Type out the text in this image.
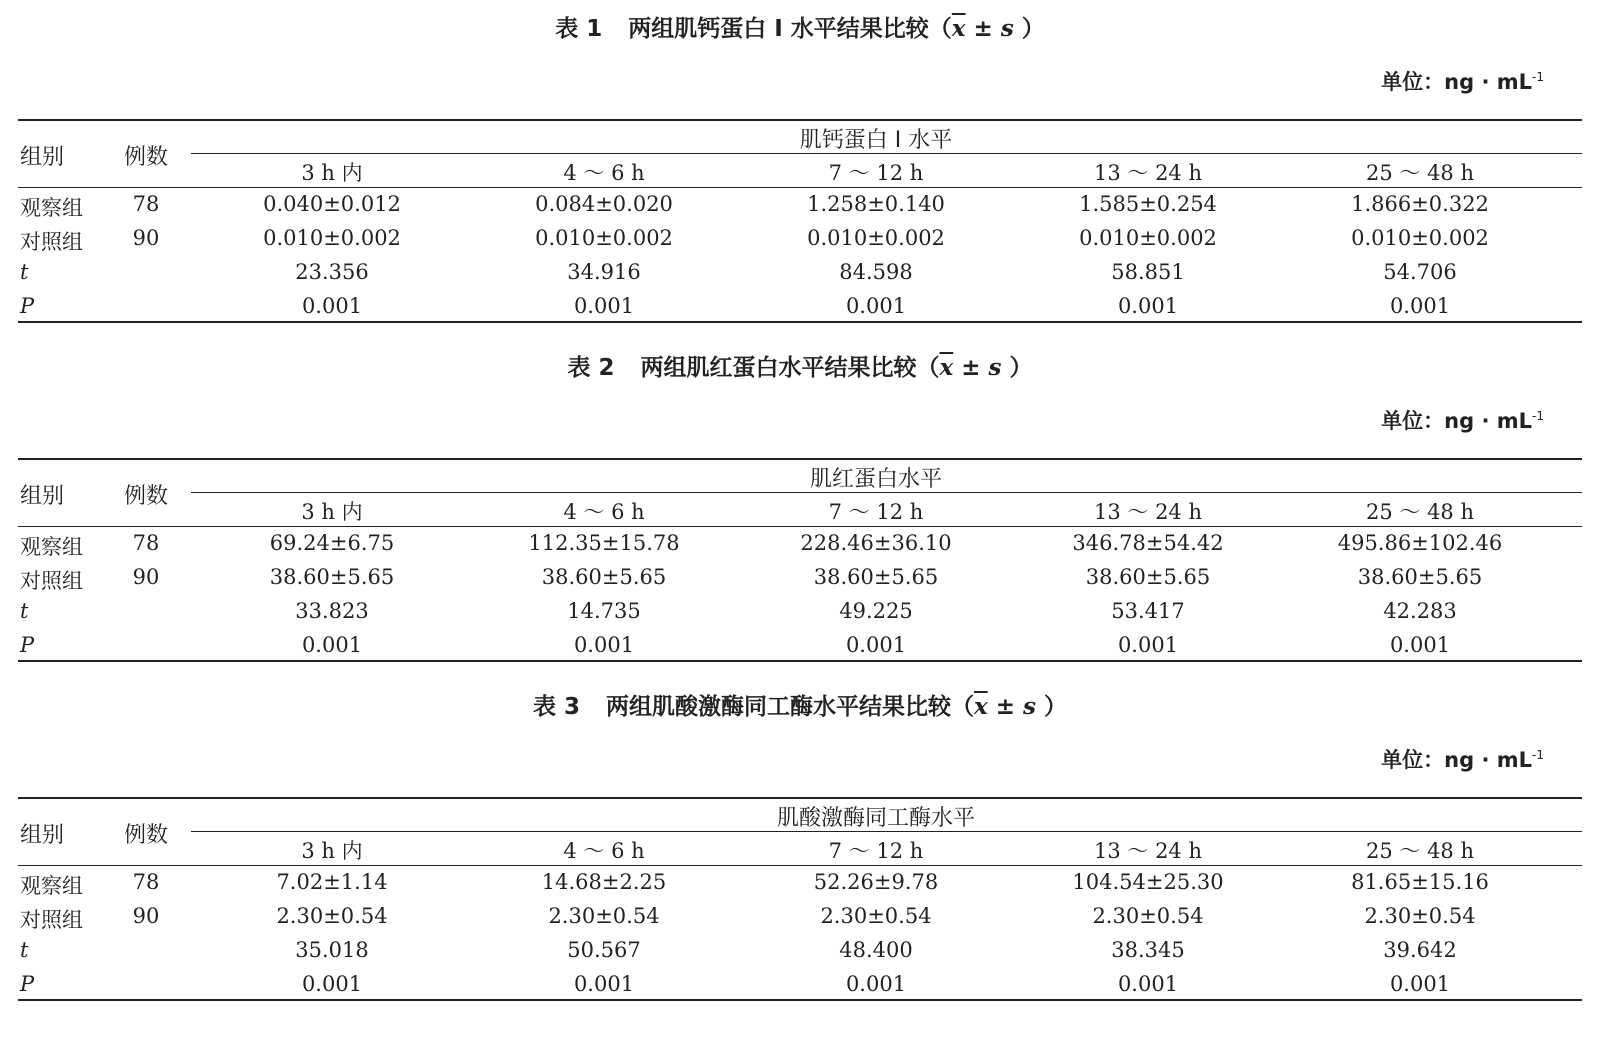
表 1 两组肌钙蛋白 I 水平结果比较（$\overline{x} \pm s$ ）
单位：ng · $mL^{-1}$
组别	例数
肌钙蛋白 I 水平
3 h 内	4 ～ 6 h	7 ～ 12 h	13 ～ 24 h	25 ～ 48 h
观察组 78	0.040±0.012	0.084±0.020	1.258±0.140	1.585±0.254	1.866±0.322
对照组 90	0.010±0.002	0.010±0.002	0.010±0.002	0.010±0.002	0.010±0.002
t	23.356	34.916	84.598	58.851	54.706
P	0.001	0.001	0.001	0.001	0.001
表 2 两组肌红蛋白水平结果比较（$\overline{x} \pm s$ ）
单位：ng · $mL^{-1}$
组别	例数
肌红蛋白水平
3 h 内	4 ～ 6 h	7 ～ 12 h	13 ～ 24 h	25 ～ 48 h
观察组 78	69.24±6.75	112.35±15.78	228.46±36.10	346.78±54.42	495.86±102.46
对照组 90	38.60±5.65	38.60±5.65	38.60±5.65	38.60±5.65	38.60±5.65
t	33.823	14.735	49.225	53.417	42.283
P	0.001	0.001	0.001	0.001	0.001
表 3 两组肌酸激酶同工酶水平结果比较（$\overline{x} \pm s$ ）
单位：ng · $mL^{-1}$
组别	例数
肌酸激酶同工酶水平
3 h 内	4 ～ 6 h	7 ～ 12 h	13 ～ 24 h	25 ～ 48 h
观察组 78	7.02±1.14	14.68±2.25	52.26±9.78	104.54±25.30	81.65±15.16
对照组 90	2.30±0.54	2.30±0.54	2.30±0.54	2.30±0.54	2.30±0.54
t	35.018	50.567	48.400	38.345	39.642
P	0.001	0.001	0.001	0.001	0.001
